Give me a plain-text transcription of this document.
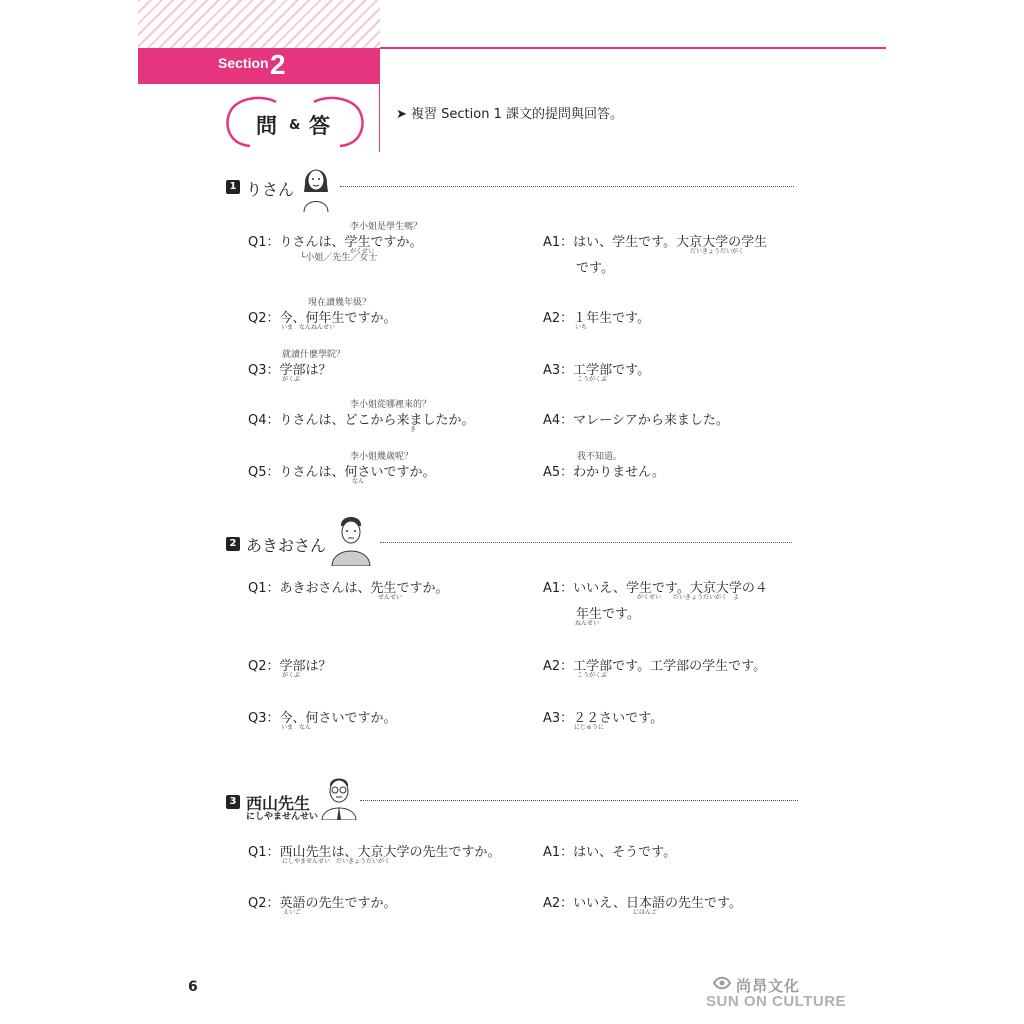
Section 2
問 & 答	➤ 複習 Section 1 課文的提問與回答。
1 りさん
李小姐是學生嗎？
Q1：りさんは、学生ですか。
がくせい
└小姐／先生／女士
A1：はい、学生です。大京大学の学生
だいきょうだいがく
です。
現在讀幾年級？
Q2：今、何年生ですか。
いま　なんねんせい
A2：１年生です。
いち
就讀什麼學院？
Q3：学部は？
がくぶ
A3：工学部です。
こうがくぶ
李小姐從哪裡來的？
Q4：りさんは、どこから来ましたか。
き
A4：マレーシアから来ました。
李小姐幾歲呢？
Q5：りさんは、何さいですか。
なん
我不知道。
A5：わかりません。
2 あきおさん
Q1：あきおさんは、先生ですか。
せんせい
A1：いいえ、学生です。大京大学の４
がくせい　　だいきょうだいがく　よ
年生です。
ねんせい
Q2：学部は？
がくぶ
A2：工学部です。工学部の学生です。
こうがくぶ
Q3：今、何さいですか。
いま　なん
A3：２２さいです。
にじゅうに
3 西山先生
にしやませんせい
Q1：西山先生は、大京大学の先生ですか。
にしやませんせい　だいきょうだいがく
A1：はい、そうです。
Q2：英語の先生ですか。
えいご
A2：いいえ、日本語の先生です。
にほんご
6	尚昂文化
SUN ON CULTURE
